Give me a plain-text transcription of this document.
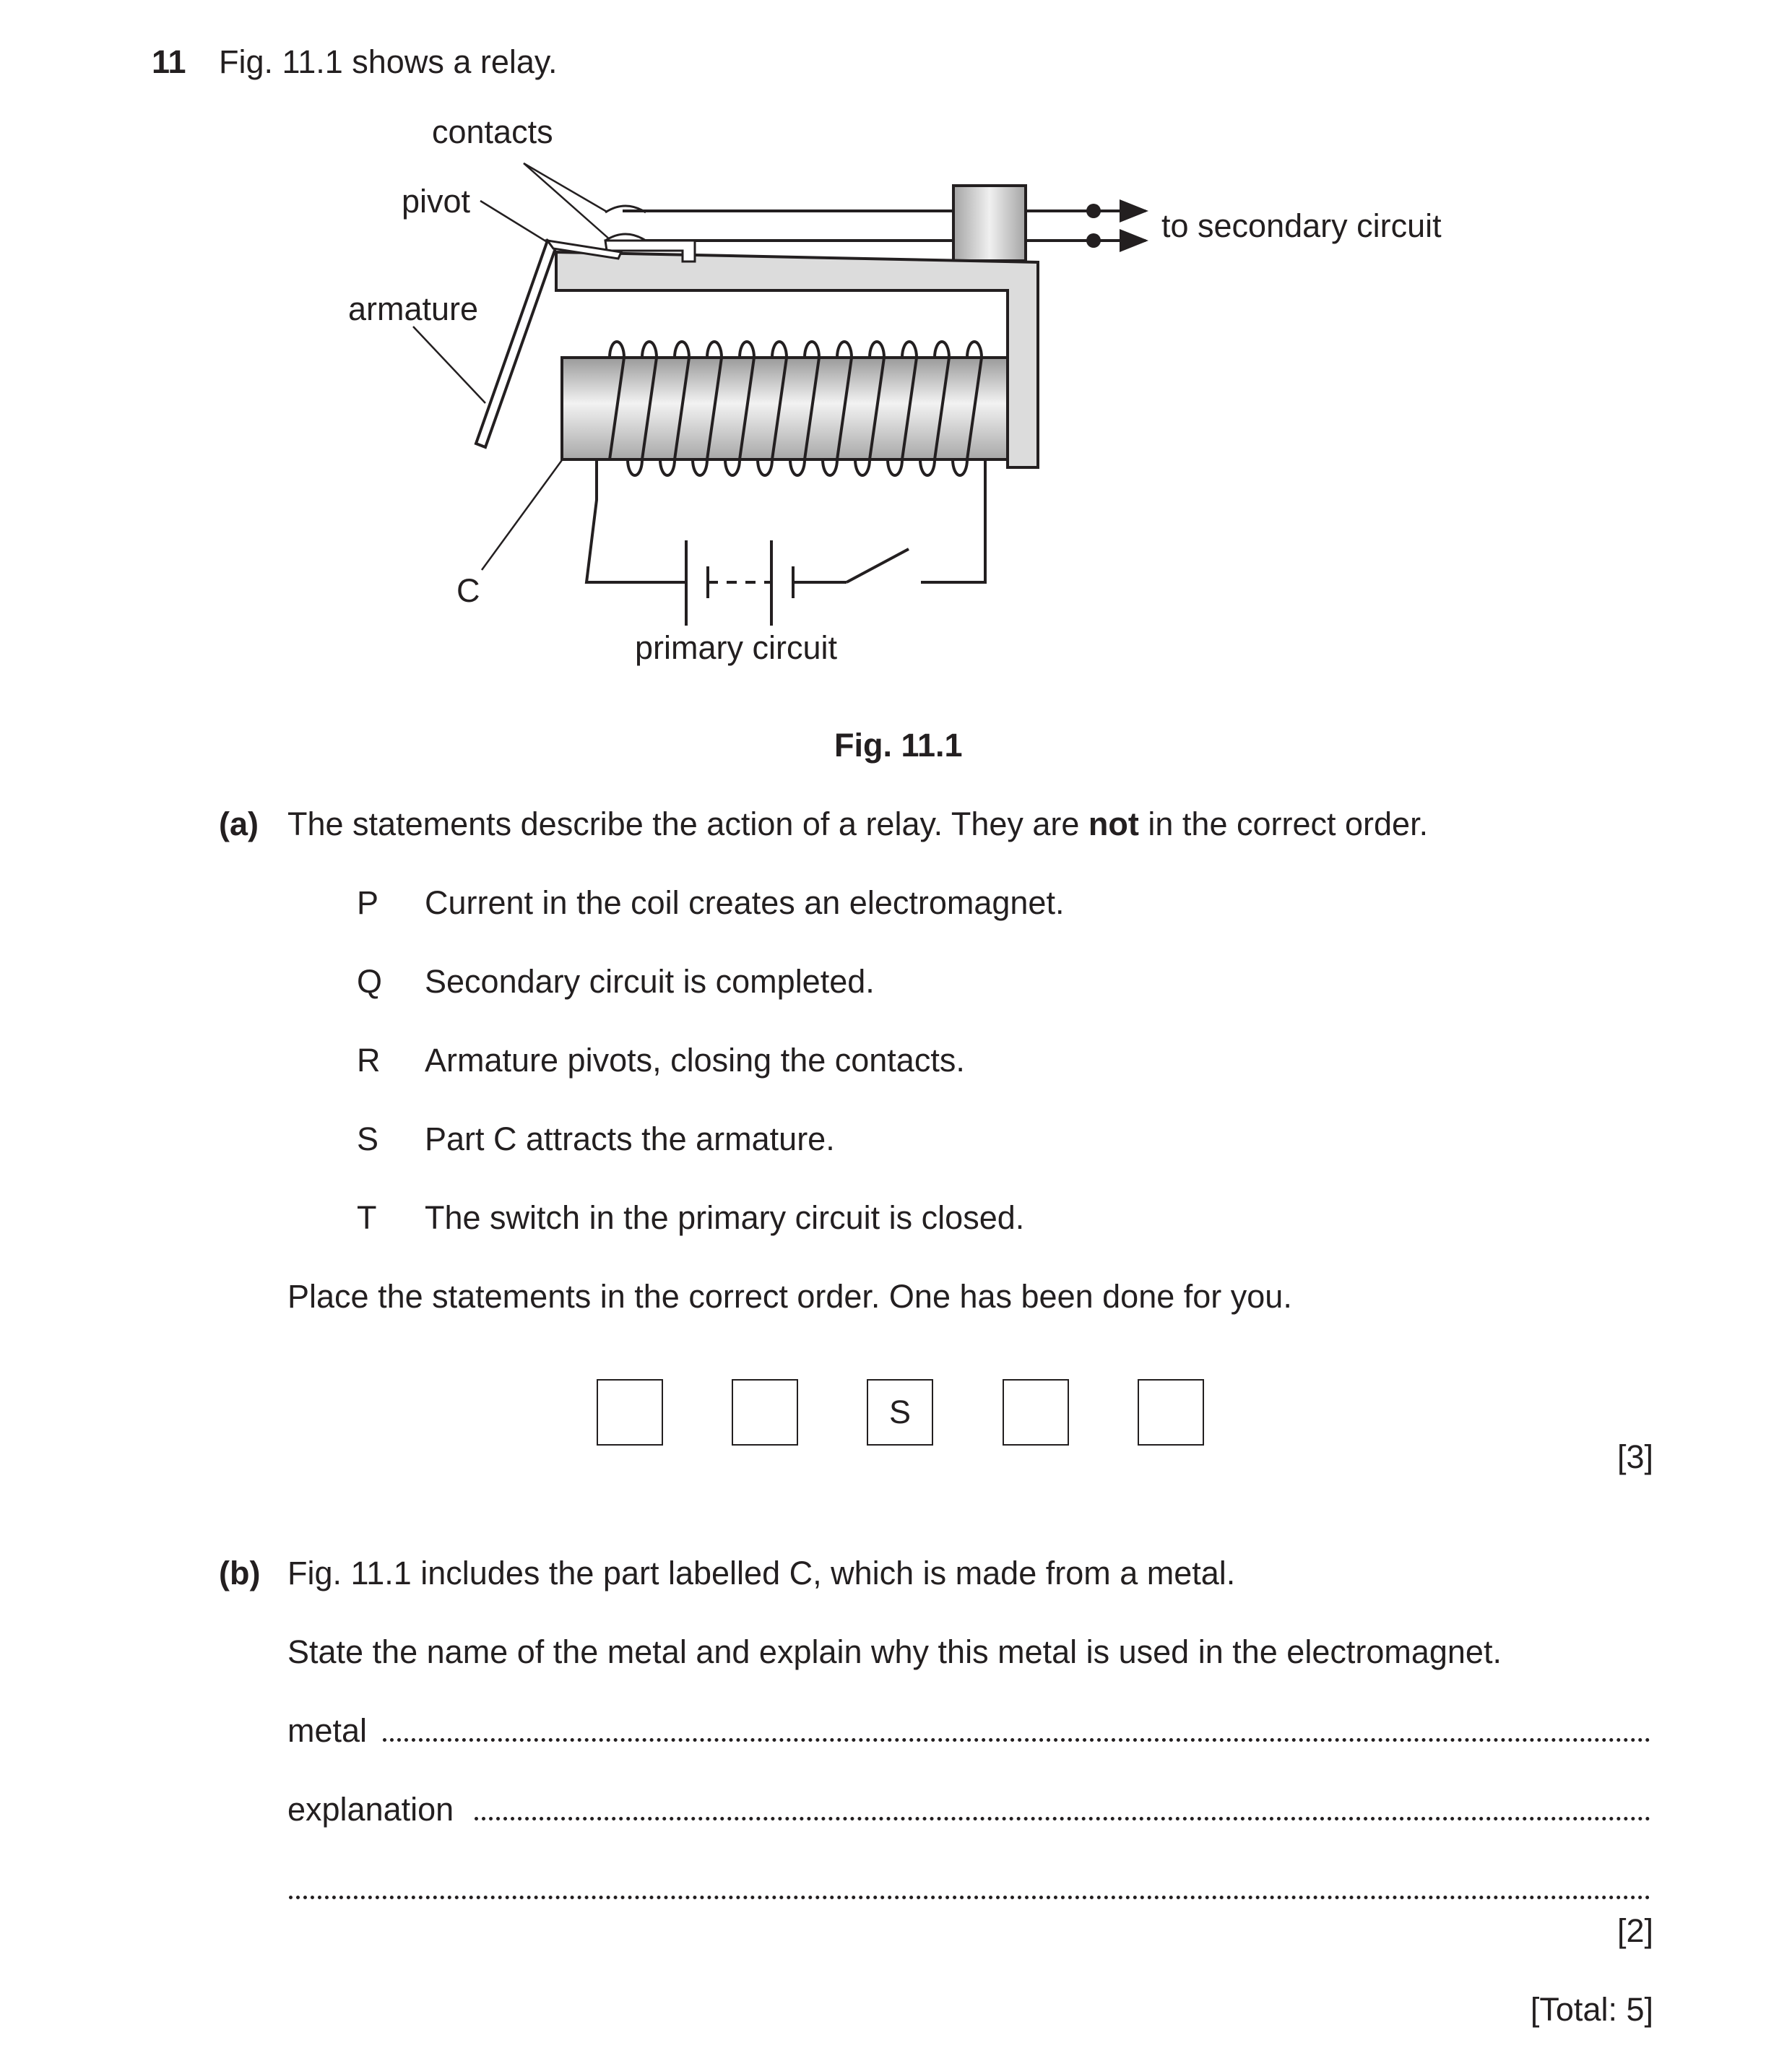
11 Fig. 11.1 shows a relay.
contacts
pivot
armature
C
to secondary circuit
primary circuit
Fig. 11.1
(a) The statements describe the action of a relay. They are not in the correct order.
P Current in the coil creates an electromagnet.
Q Secondary circuit is completed.
R Armature pivots, closing the contacts.
S Part C attracts the armature.
T The switch in the primary circuit is closed.
Place the statements in the correct order. One has been done for you.
S
[3]
(b) Fig. 11.1 includes the part labelled C, which is made from a metal.
State the name of the metal and explain why this metal is used in the electromagnet.
metal
explanation
[2]
[Total: 5]
